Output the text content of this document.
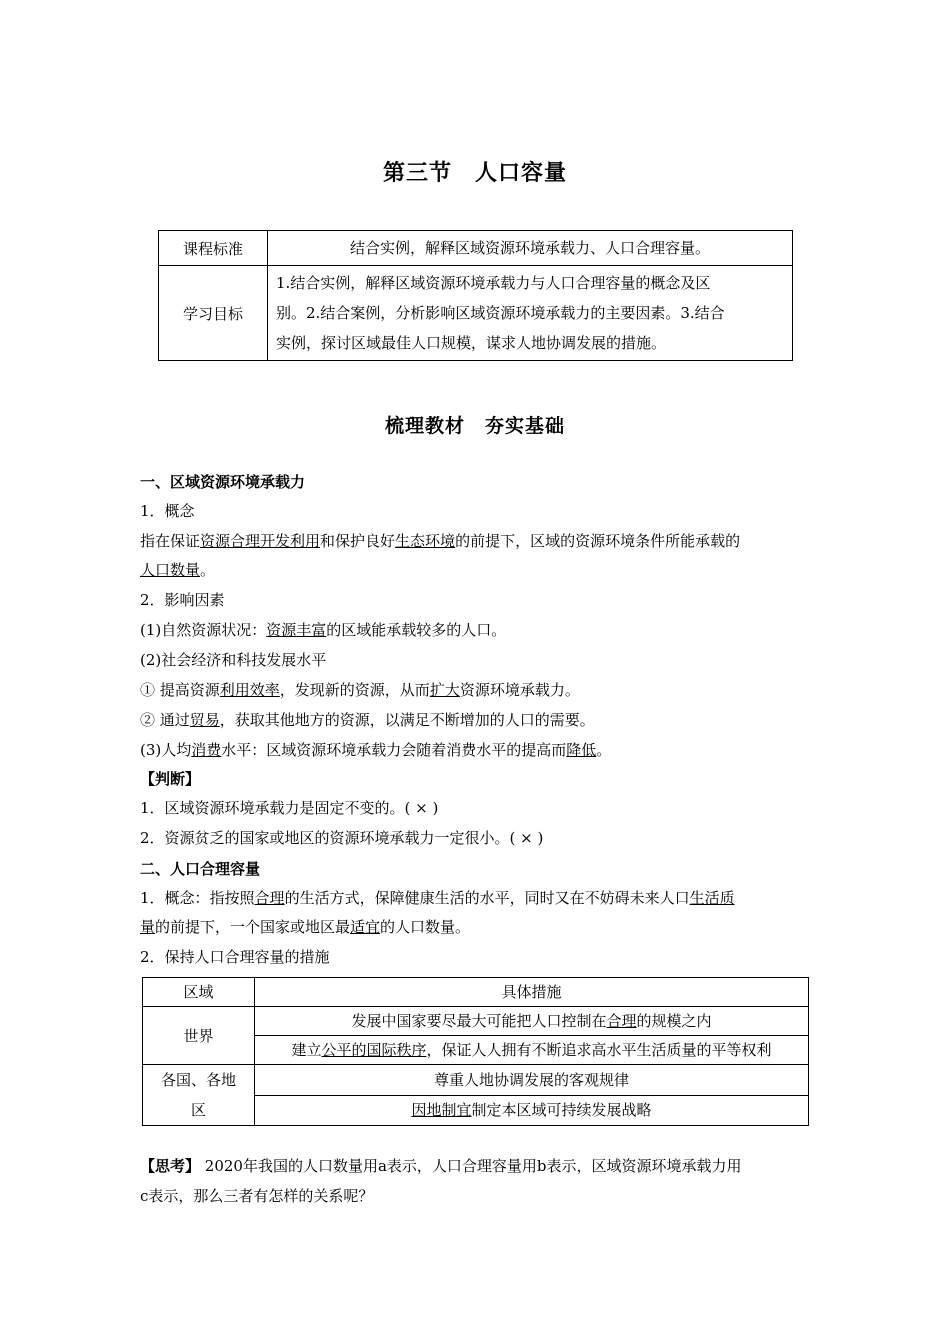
第三节　人口容量
课程标准	结合实例，解释区域资源环境承载力、人口合理容量。
学习目标	1.结合实例，解释区域资源环境承载力与人口合理容量的概念及区
别。2.结合案例，分析影响区域资源环境承载力的主要因素。3.结合
实例，探讨区域最佳人口规模，谋求人地协调发展的措施。
梳理教材　夯实基础
一、区域资源环境承载力
1．概念
指在保证资源合理开发利用和保护良好生态环境的前提下，区域的资源环境条件所能承载的
人口数量。
2．影响因素
(1)自然资源状况：资源丰富的区域能承载较多的人口。
(2)社会经济和科技发展水平
① 提高资源利用效率，发现新的资源，从而扩大资源环境承载力。
② 通过贸易，获取其他地方的资源，以满足不断增加的人口的需要。
(3)人均消费水平：区域资源环境承载力会随着消费水平的提高而降低。
【判断】
1．区域资源环境承载力是固定不变的。( × )
2．资源贫乏的国家或地区的资源环境承载力一定很小。( × )
二、人口合理容量
1．概念：指按照合理的生活方式，保障健康生活的水平，同时又在不妨碍未来人口生活质
量的前提下，一个国家或地区最适宜的人口数量。
2．保持人口合理容量的措施
区域	具体措施
世界	发展中国家要尽最大可能把人口控制在合理的规模之内
	建立公平的国际秩序，保证人人拥有不断追求高水平生活质量的平等权利

各国、各地
区	尊重人地协调发展的客观规律
	因地制宜制定本区域可持续发展战略
【思考】 2020年我国的人口数量用a表示，人口合理容量用b表示，区域资源环境承载力用
c表示，那么三者有怎样的关系呢？
